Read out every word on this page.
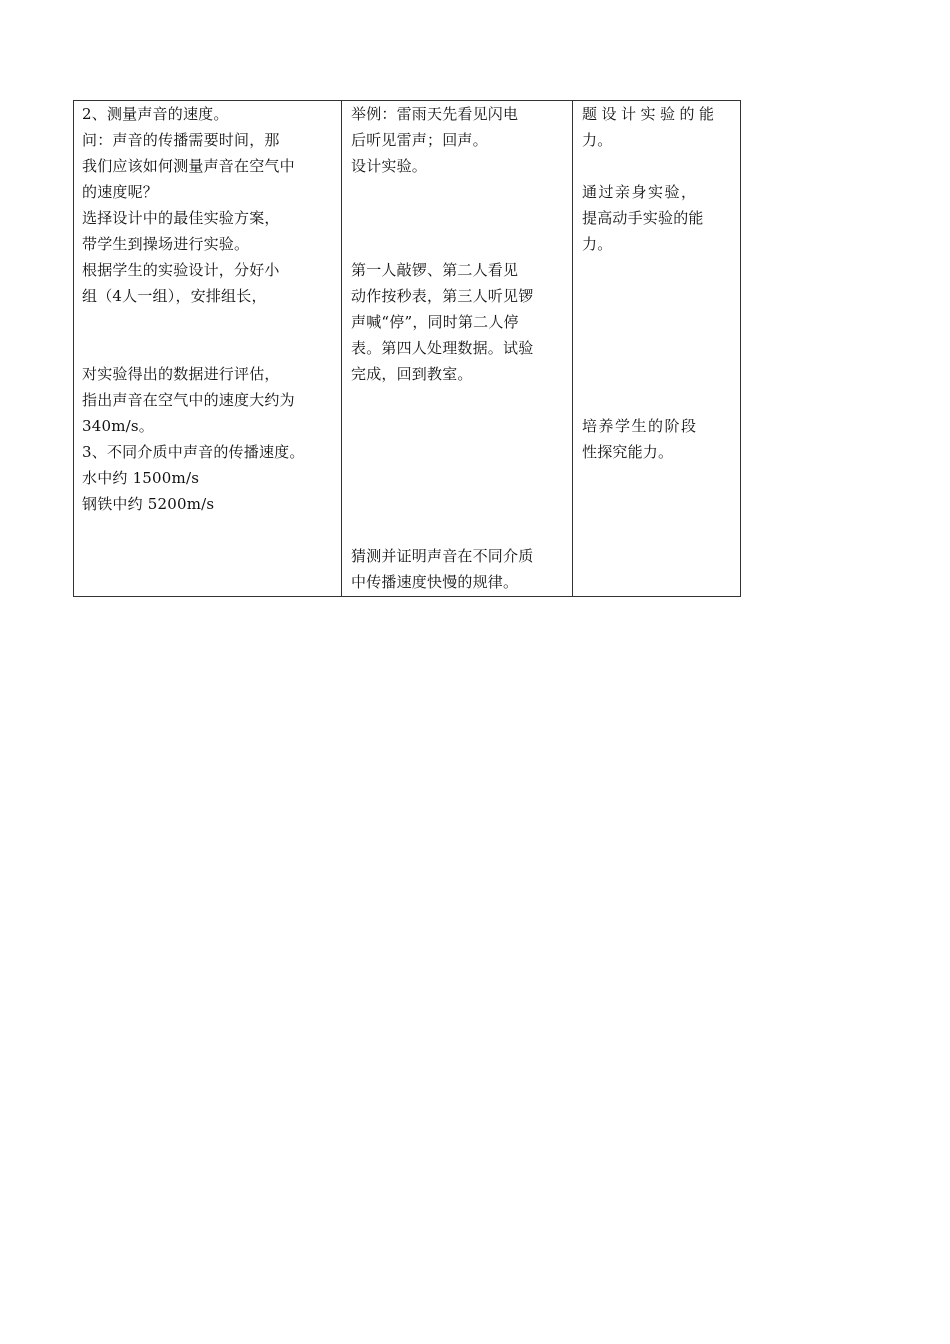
2、测量声音的速度。
问：声音的传播需要时间，那
我们应该如何测量声音在空气中
的速度呢？
选择设计中的最佳实验方案，
带学生到操场进行实验。
根据学生的实验设计，分好小
组（4人一组），安排组长，
对实验得出的数据进行评估，
指出声音在空气中的速度大约为
340m/s。
3、不同介质中声音的传播速度。
水中约 1500m/s
钢铁中约 5200m/s

举例：雷雨天先看见闪电
后听见雷声；回声。
设计实验。
第一人敲锣、第二人看见
动作按秒表，第三人听见锣
声喊“停”，同时第二人停
表。第四人处理数据。试验
完成，回到教室。
猜测并证明声音在不同介质
中传播速度快慢的规律。

题设计实验的能
力。
通过亲身实验，
提高动手实验的能
力。
培养学生的阶段
性探究能力。
